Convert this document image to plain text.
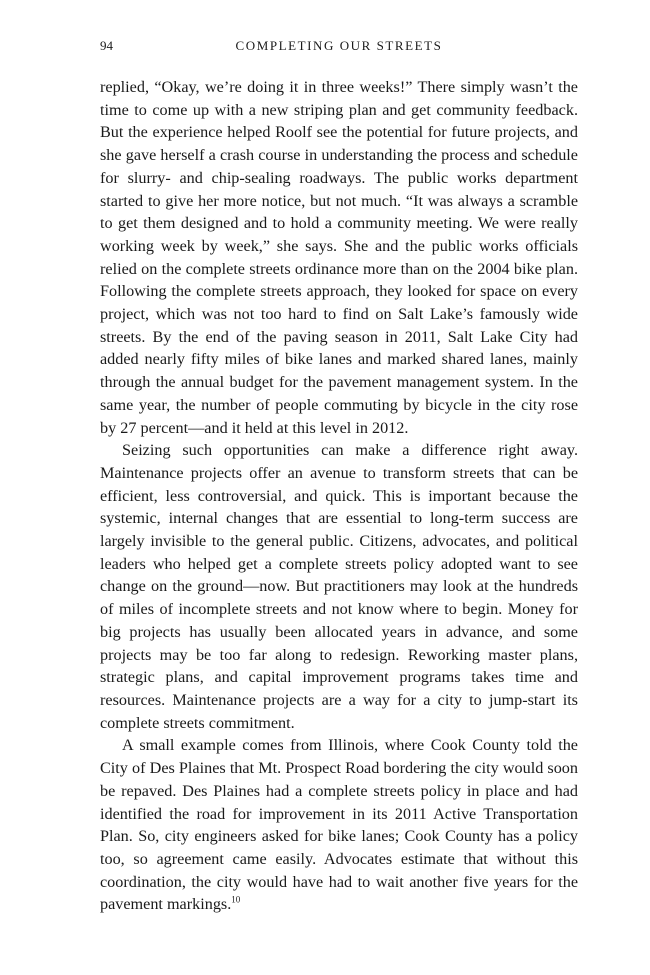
94	COMPLETING OUR STREETS

replied, “Okay, we’re doing it in three weeks!” There simply wasn’t the time to come up with a new striping plan and get community feedback. But the experience helped Roolf see the potential for future projects, and she gave herself a crash course in understanding the process and schedule for slurry- and chip-sealing roadways. The public works department started to give her more notice, but not much. “It was always a scramble to get them designed and to hold a community meeting. We were really working week by week,” she says. She and the public works officials relied on the complete streets ordinance more than on the 2004 bike plan. Following the complete streets approach, they looked for space on every project, which was not too hard to find on Salt Lake’s famously wide streets. By the end of the paving season in 2011, Salt Lake City had added nearly fifty miles of bike lanes and marked shared lanes, mainly through the annual budget for the pavement management system. In the same year, the number of people commuting by bicycle in the city rose by 27 percent—and it held at this level in 2012.

Seizing such opportunities can make a difference right away. Maintenance projects offer an avenue to transform streets that can be efficient, less controversial, and quick. This is important because the systemic, internal changes that are essential to long-term success are largely invisible to the general public. Citizens, advocates, and political leaders who helped get a complete streets policy adopted want to see change on the ground—now. But practitioners may look at the hundreds of miles of incomplete streets and not know where to begin. Money for big projects has usually been allocated years in advance, and some projects may be too far along to redesign. Reworking master plans, strategic plans, and capital improvement programs takes time and resources. Maintenance projects are a way for a city to jump-start its complete streets commitment.

A small example comes from Illinois, where Cook County told the City of Des Plaines that Mt. Prospect Road bordering the city would soon be repaved. Des Plaines had a complete streets policy in place and had identified the road for improvement in its 2011 Active Transportation Plan. So, city engineers asked for bike lanes; Cook County has a policy too, so agreement came easily. Advocates estimate that without this coordination, the city would have had to wait another five years for the pavement markings.$^{10}$
